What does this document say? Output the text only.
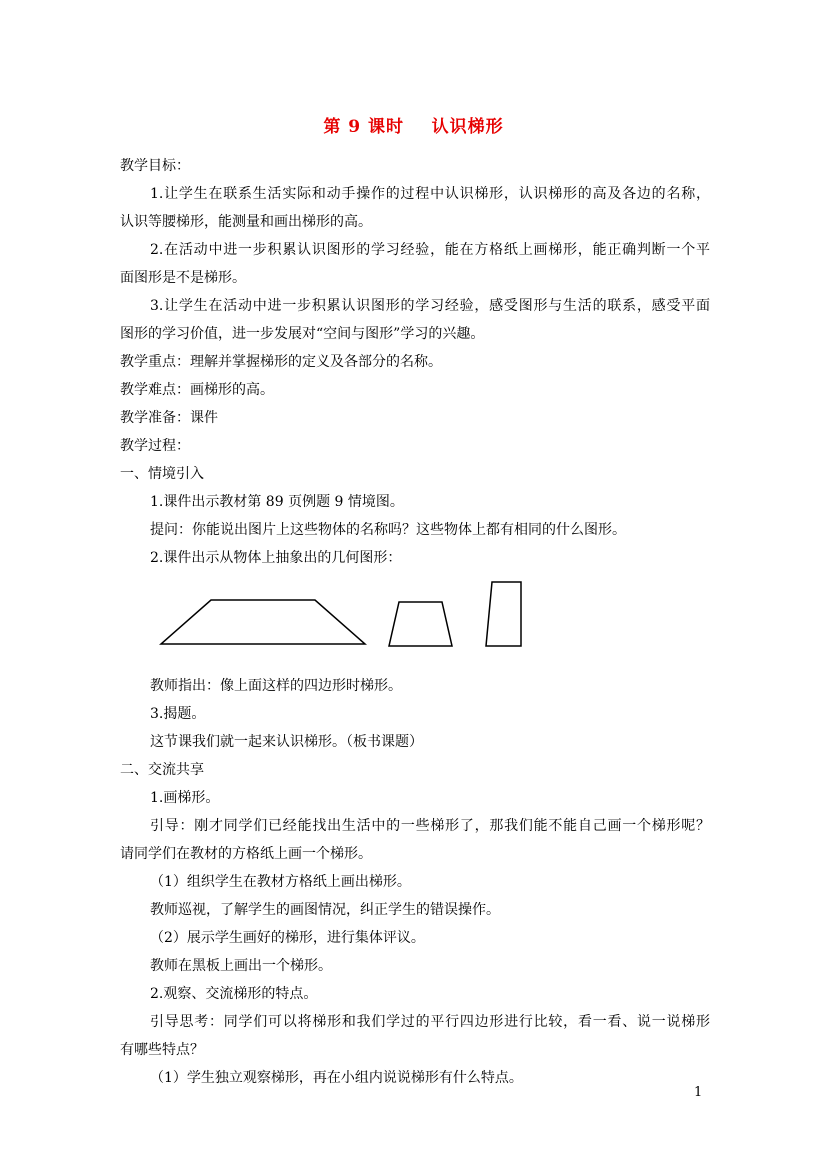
第 9 课时    认识梯形
教学目标：
1.让学生在联系生活实际和动手操作的过程中认识梯形，认识梯形的高及各边的名称，
认识等腰梯形，能测量和画出梯形的高。
2.在活动中进一步积累认识图形的学习经验，能在方格纸上画梯形，能正确判断一个平
面图形是不是梯形。
3.让学生在活动中进一步积累认识图形的学习经验，感受图形与生活的联系，感受平面
图形的学习价值，进一步发展对“空间与图形”学习的兴趣。
教学重点：理解并掌握梯形的定义及各部分的名称。
教学难点：画梯形的高。
教学准备：课件
教学过程：
一、情境引入
1.课件出示教材第 89 页例题 9 情境图。
提问：你能说出图片上这些物体的名称吗？这些物体上都有相同的什么图形。
2.课件出示从物体上抽象出的几何图形：
教师指出：像上面这样的四边形时梯形。
3.揭题。
这节课我们就一起来认识梯形。（板书课题）
二、交流共享
1.画梯形。
引导：刚才同学们已经能找出生活中的一些梯形了，那我们能不能自己画一个梯形呢？
请同学们在教材的方格纸上画一个梯形。
（1）组织学生在教材方格纸上画出梯形。
教师巡视，了解学生的画图情况，纠正学生的错误操作。
（2）展示学生画好的梯形，进行集体评议。
教师在黑板上画出一个梯形。
2.观察、交流梯形的特点。
引导思考：同学们可以将梯形和我们学过的平行四边形进行比较，看一看、说一说梯形
有哪些特点？
（1）学生独立观察梯形，再在小组内说说梯形有什么特点。
1
